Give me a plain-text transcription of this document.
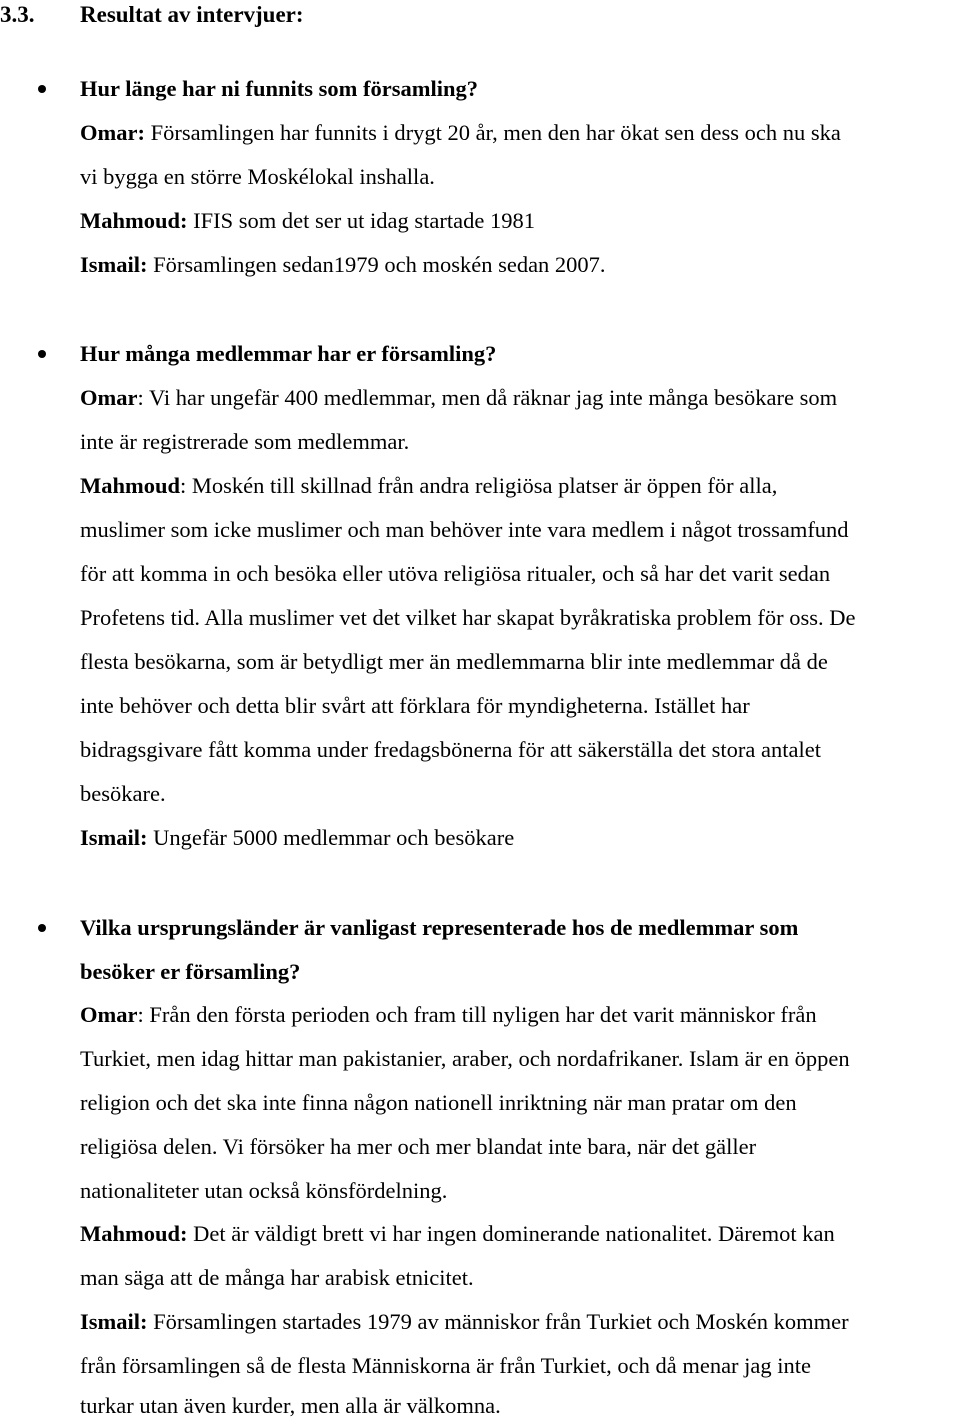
3.3. Resultat av intervjuer:
Hur länge har ni funnits som församling?
Omar: Församlingen har funnits i drygt 20 år, men den har ökat sen dess och nu ska
vi bygga en större Moskélokal inshalla.
Mahmoud: IFIS som det ser ut idag startade 1981
Ismail: Församlingen sedan1979 och moskén sedan 2007.
Hur många medlemmar har er församling?
Omar: Vi har ungefär 400 medlemmar, men då räknar jag inte många besökare som
inte är registrerade som medlemmar.
Mahmoud: Moskén till skillnad från andra religiösa platser är öppen för alla,
muslimer som icke muslimer och man behöver inte vara medlem i något trossamfund
för att komma in och besöka eller utöva religiösa ritualer, och så har det varit sedan
Profetens tid. Alla muslimer vet det vilket har skapat byråkratiska problem för oss. De
flesta besökarna, som är betydligt mer än medlemmarna blir inte medlemmar då de
inte behöver och detta blir svårt att förklara för myndigheterna. Istället har
bidragsgivare fått komma under fredagsbönerna för att säkerställa det stora antalet
besökare.
Ismail: Ungefär 5000 medlemmar och besökare
Vilka ursprungsländer är vanligast representerade hos de medlemmar som
besöker er församling?
Omar: Från den första perioden och fram till nyligen har det varit människor från
Turkiet, men idag hittar man pakistanier, araber, och nordafrikaner. Islam är en öppen
religion och det ska inte finna någon nationell inriktning när man pratar om den
religiösa delen. Vi försöker ha mer och mer blandat inte bara, när det gäller
nationaliteter utan också könsfördelning.
Mahmoud: Det är väldigt brett vi har ingen dominerande nationalitet. Däremot kan
man säga att de många har arabisk etnicitet.
Ismail: Församlingen startades 1979 av människor från Turkiet och Moskén kommer
från församlingen så de flesta Människorna är från Turkiet, och då menar jag inte
turkar utan även kurder, men alla är välkomna.
